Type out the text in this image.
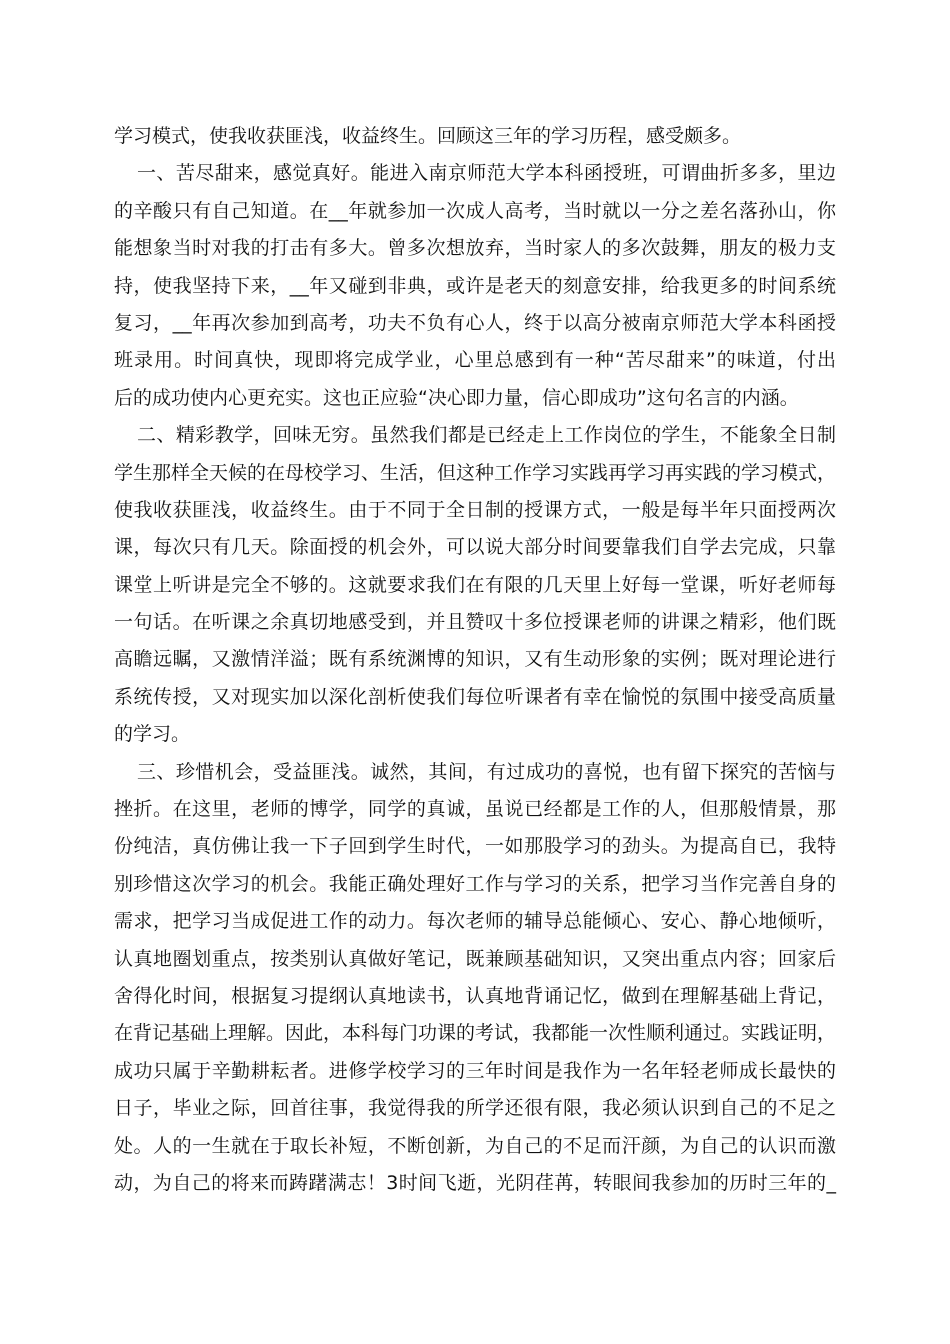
学习模式，使我收获匪浅，收益终生。回顾这三年的学习历程，感受颇多。
一、苦尽甜来，感觉真好。能进入南京师范大学本科函授班，可谓曲折多多，里边
的辛酸只有自己知道。在__年就参加一次成人高考，当时就以一分之差名落孙山，你
能想象当时对我的打击有多大。曾多次想放弃，当时家人的多次鼓舞，朋友的极力支
持，使我坚持下来，__年又碰到非典，或许是老天的刻意安排，给我更多的时间系统
复习，__年再次参加到高考，功夫不负有心人，终于以高分被南京师范大学本科函授
班录用。时间真快，现即将完成学业，心里总感到有一种“苦尽甜来”的味道，付出
后的成功使内心更充实。这也正应验“决心即力量，信心即成功”这句名言的内涵。
二、精彩教学，回味无穷。虽然我们都是已经走上工作岗位的学生，不能象全日制
学生那样全天候的在母校学习、生活，但这种工作学习实践再学习再实践的学习模式，
使我收获匪浅，收益终生。由于不同于全日制的授课方式，一般是每半年只面授两次
课，每次只有几天。除面授的机会外，可以说大部分时间要靠我们自学去完成，只靠
课堂上听讲是完全不够的。这就要求我们在有限的几天里上好每一堂课，听好老师每
一句话。在听课之余真切地感受到，并且赞叹十多位授课老师的讲课之精彩，他们既
高瞻远瞩，又激情洋溢；既有系统渊博的知识，又有生动形象的实例；既对理论进行
系统传授，又对现实加以深化剖析使我们每位听课者有幸在愉悦的氛围中接受高质量
的学习。
三、珍惜机会，受益匪浅。诚然，其间，有过成功的喜悦，也有留下探究的苦恼与
挫折。在这里，老师的博学，同学的真诚，虽说已经都是工作的人，但那般情景，那
份纯洁，真仿佛让我一下子回到学生时代，一如那股学习的劲头。为提高自已，我特
别珍惜这次学习的机会。我能正确处理好工作与学习的关系，把学习当作完善自身的
需求，把学习当成促进工作的动力。每次老师的辅导总能倾心、安心、静心地倾听，
认真地圈划重点，按类别认真做好笔记，既兼顾基础知识，又突出重点内容；回家后
舍得化时间，根据复习提纲认真地读书，认真地背诵记忆，做到在理解基础上背记，
在背记基础上理解。因此，本科每门功课的考试，我都能一次性顺利通过。实践证明，
成功只属于辛勤耕耘者。进修学校学习的三年时间是我作为一名年轻老师成长最快的
日子，毕业之际，回首往事，我觉得我的所学还很有限，我必须认识到自己的不足之
处。人的一生就在于取长补短，不断创新，为自己的不足而汗颜，为自己的认识而激
动，为自己的将来而踌躇满志！3时间飞逝，光阴荏苒，转眼间我参加的历时三年的_
